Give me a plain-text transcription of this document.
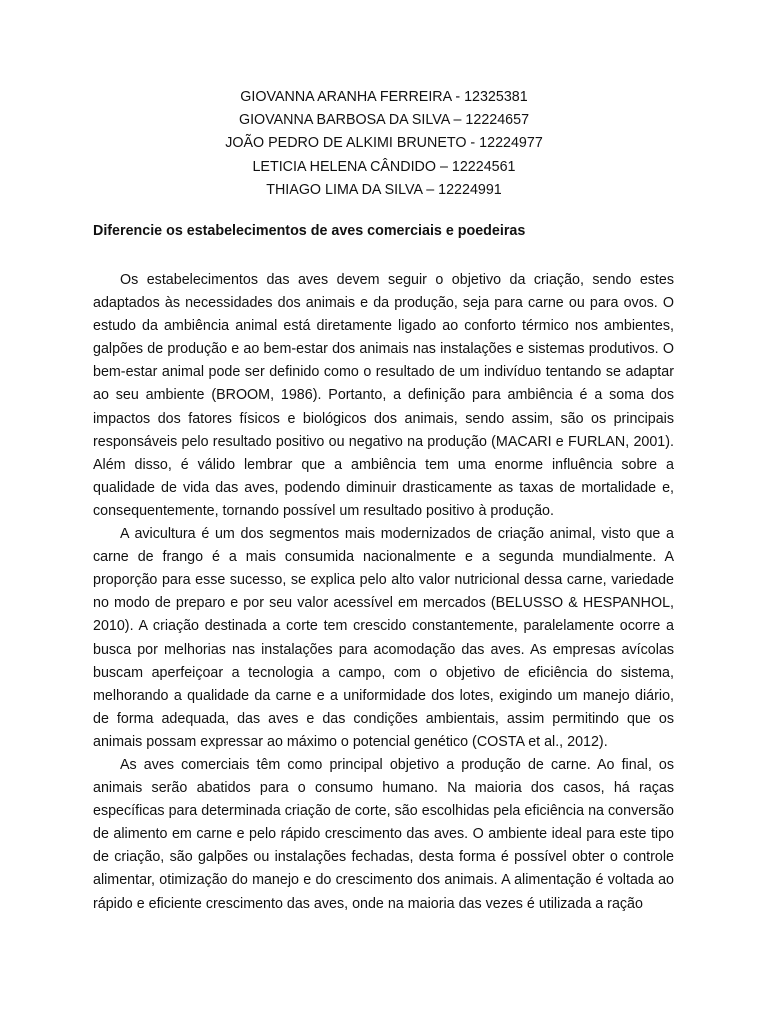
GIOVANNA ARANHA FERREIRA - 12325381
GIOVANNA BARBOSA DA SILVA – 12224657
JOÃO PEDRO DE ALKIMI BRUNETO - 12224977
LETICIA HELENA CÂNDIDO – 12224561
THIAGO LIMA DA SILVA – 12224991
Diferencie os estabelecimentos de aves comerciais e poedeiras

Os estabelecimentos das aves devem seguir o objetivo da criação, sendo estes adaptados às necessidades dos animais e da produção, seja para carne ou para ovos. O estudo da ambiência animal está diretamente ligado ao conforto térmico nos ambientes, galpões de produção e ao bem-estar dos animais nas instalações e sistemas produtivos. O bem-estar animal pode ser definido como o resultado de um indivíduo tentando se adaptar ao seu ambiente (BROOM, 1986). Portanto, a definição para ambiência é a soma dos impactos dos fatores físicos e biológicos dos animais, sendo assim, são os principais responsáveis pelo resultado positivo ou negativo na produção (MACARI e FURLAN, 2001). Além disso, é válido lembrar que a ambiência tem uma enorme influência sobre a qualidade de vida das aves, podendo diminuir drasticamente as taxas de mortalidade e, consequentemente, tornando possível um resultado positivo à produção.

A avicultura é um dos segmentos mais modernizados de criação animal, visto que a carne de frango é a mais consumida nacionalmente e a segunda mundialmente. A proporção para esse sucesso, se explica pelo alto valor nutricional dessa carne, variedade no modo de preparo e por seu valor acessível em mercados (BELUSSO & HESPANHOL, 2010). A criação destinada a corte tem crescido constantemente, paralelamente ocorre a busca por melhorias nas instalações para acomodação das aves. As empresas avícolas buscam aperfeiçoar a tecnologia a campo, com o objetivo de eficiência do sistema, melhorando a qualidade da carne e a uniformidade dos lotes, exigindo um manejo diário, de forma adequada, das aves e das condições ambientais, assim permitindo que os animais possam expressar ao máximo o potencial genético (COSTA et al., 2012).

As aves comerciais têm como principal objetivo a produção de carne. Ao final, os animais serão abatidos para o consumo humano. Na maioria dos casos, há raças específicas para determinada criação de corte, são escolhidas pela eficiência na conversão de alimento em carne e pelo rápido crescimento das aves. O ambiente ideal para este tipo de criação, são galpões ou instalações fechadas, desta forma é possível obter o controle alimentar, otimização do manejo e do crescimento dos animais. A alimentação é voltada ao rápido e eficiente crescimento das aves, onde na maioria das vezes é utilizada a ração
